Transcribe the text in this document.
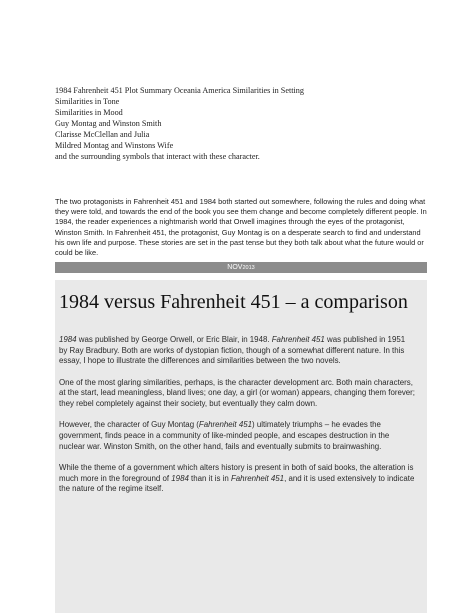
1984 Fahrenheit 451 Plot Summary Oceania America Similarities in Setting
Similarities in Tone
Similarities in Mood
Guy Montag and Winston Smith
Clarisse McClellan and Julia
Mildred Montag and Winstons Wife
and the surrounding symbols that interact with these character.

The two protagonists in Fahrenheit 451 and 1984 both started out somewhere, following the rules and doing what they were told, and towards the end of the book you see them change and become completely different people. In 1984, the reader experiences a nightmarish world that Orwell imagines through the eyes of the protagonist, Winston Smith. In Fahrenheit 451, the protagonist, Guy Montag is on a desperate search to find and understand his own life and purpose. These stories are set in the past tense but they both talk about what the future would or could be like.

NOV2013
1984 versus Fahrenheit 451 – a comparison

1984 was published by George Orwell, or Eric Blair, in 1948. Fahrenheit 451 was published in 1951 by Ray Bradbury. Both are works of dystopian fiction, though of a somewhat different nature. In this essay, I hope to illustrate the differences and similarities between the two novels.

One of the most glaring similarities, perhaps, is the character development arc. Both main characters, at the start, lead meaningless, bland lives; one day, a girl (or woman) appears, changing them forever; they rebel completely against their society, but eventually they calm down.

However, the character of Guy Montag (Fahrenheit 451) ultimately triumphs – he evades the government, finds peace in a community of like-minded people, and escapes destruction in the nuclear war. Winston Smith, on the other hand, fails and eventually submits to brainwashing.

While the theme of a government which alters history is present in both of said books, the alteration is much more in the foreground of 1984 than it is in Fahrenheit 451, and it is used extensively to indicate the nature of the regime itself.
